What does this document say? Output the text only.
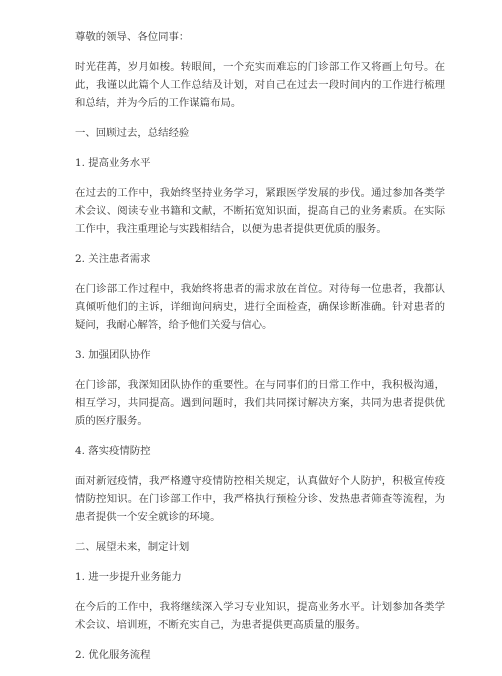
尊敬的领导、各位同事：

时光荏苒，岁月如梭。转眼间，一个充实而难忘的门诊部工作又将画上句号。在此，我谨以此篇个人工作总结及计划，对自己在过去一段时间内的工作进行梳理和总结，并为今后的工作谋篇布局。

一、回顾过去，总结经验

1. 提高业务水平

在过去的工作中，我始终坚持业务学习，紧跟医学发展的步伐。通过参加各类学术会议、阅读专业书籍和文献，不断拓宽知识面，提高自己的业务素质。在实际工作中，我注重理论与实践相结合，以便为患者提供更优质的服务。

2. 关注患者需求

在门诊部工作过程中，我始终将患者的需求放在首位。对待每一位患者，我都认真倾听他们的主诉，详细询问病史，进行全面检查，确保诊断准确。针对患者的疑问，我耐心解答，给予他们关爱与信心。

3. 加强团队协作

在门诊部，我深知团队协作的重要性。在与同事们的日常工作中，我积极沟通，相互学习，共同提高。遇到问题时，我们共同探讨解决方案，共同为患者提供优质的医疗服务。

4. 落实疫情防控

面对新冠疫情，我严格遵守疫情防控相关规定，认真做好个人防护，积极宣传疫情防控知识。在门诊部工作中，我严格执行预检分诊、发热患者筛查等流程，为患者提供一个安全就诊的环境。

二、展望未来，制定计划

1. 进一步提升业务能力

在今后的工作中，我将继续深入学习专业知识，提高业务水平。计划参加各类学术会议、培训班，不断充实自己，为患者提供更高质量的服务。

2. 优化服务流程
